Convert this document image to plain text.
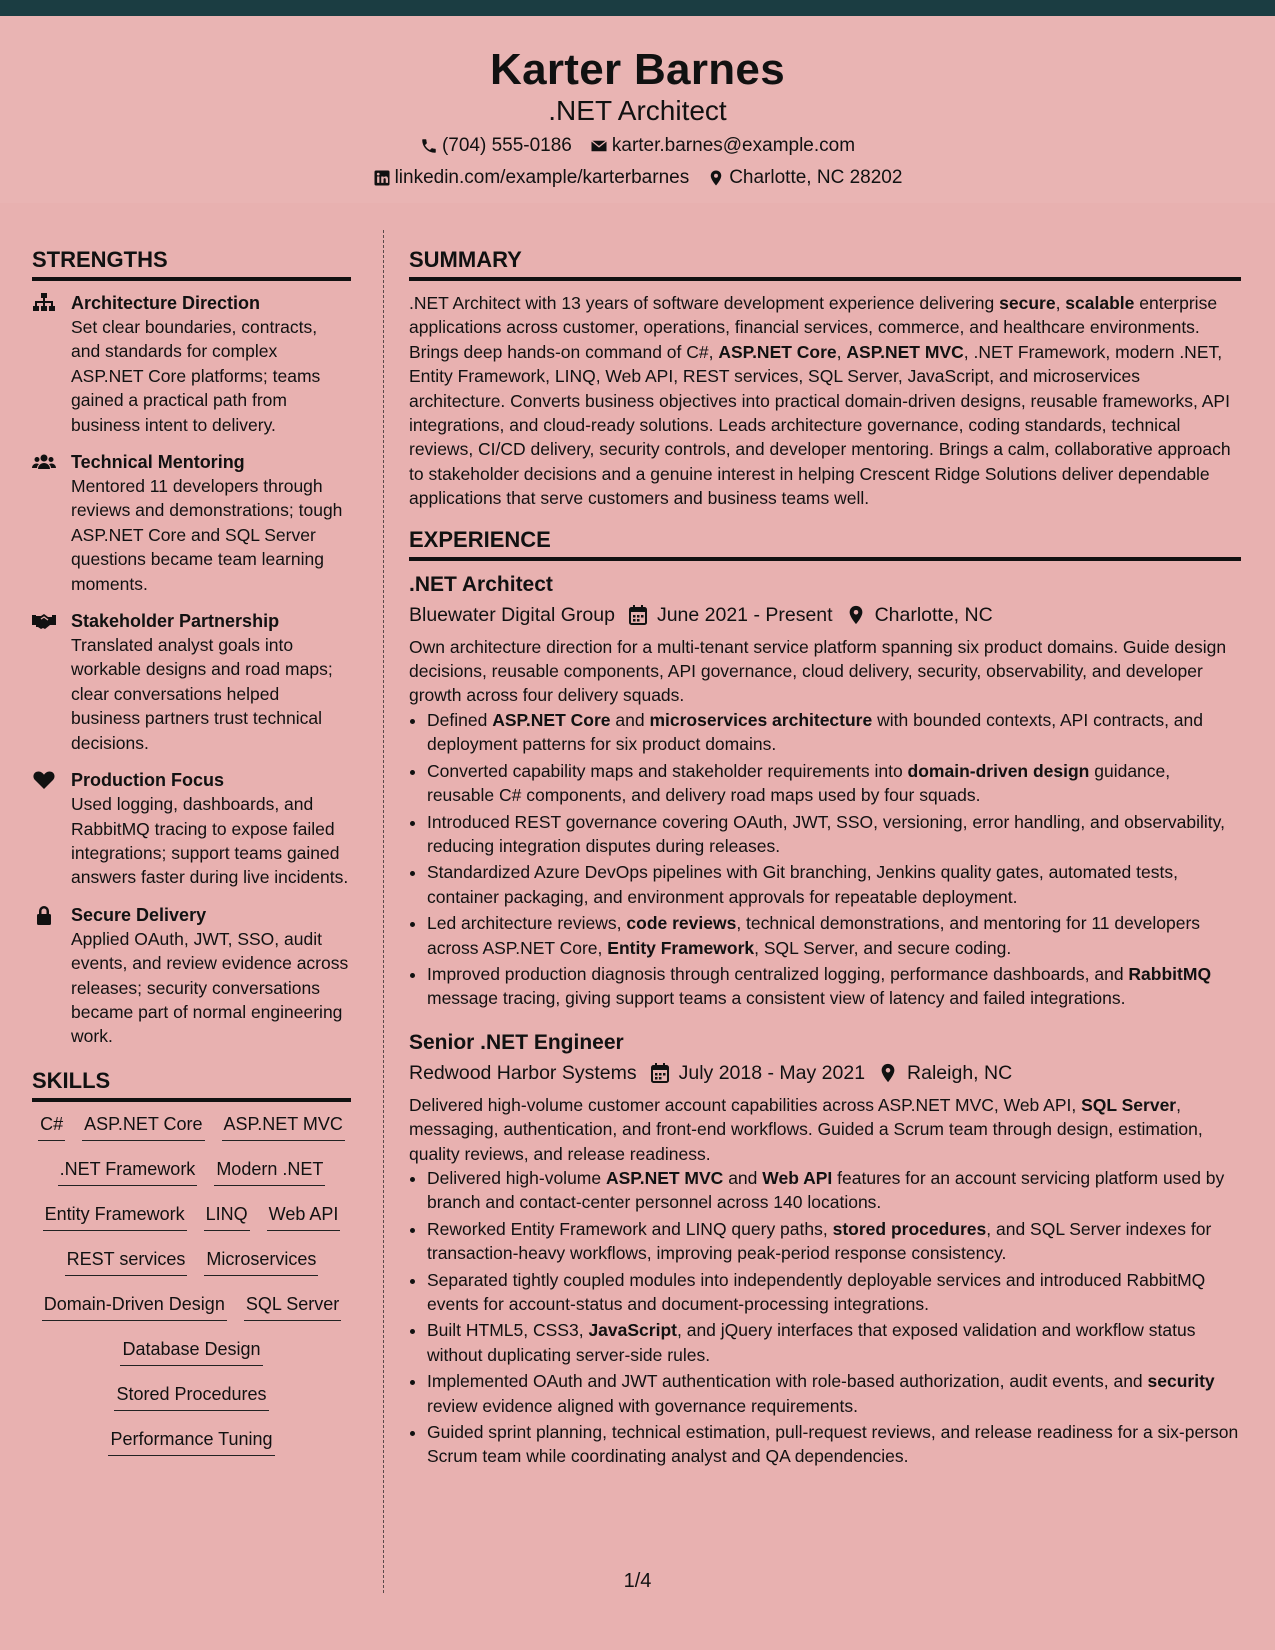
Karter Barnes
.NET Architect
(704) 555-0186 karter.barnes@example.com
linkedin.com/example/karterbarnes Charlotte, NC 28202
STRENGTHS
Architecture Direction
Set clear boundaries, contracts, and standards for complex ASP.NET Core platforms; teams gained a practical path from business intent to delivery.
Technical Mentoring
Mentored 11 developers through reviews and demonstrations; tough ASP.NET Core and SQL Server questions became team learning moments.
Stakeholder Partnership
Translated analyst goals into workable designs and road maps; clear conversations helped business partners trust technical decisions.
Production Focus
Used logging, dashboards, and RabbitMQ tracing to expose failed integrations; support teams gained answers faster during live incidents.
Secure Delivery
Applied OAuth, JWT, SSO, audit events, and review evidence across releases; security conversations became part of normal engineering work.
SKILLS
C# ASP.NET Core ASP.NET MVC
.NET Framework Modern .NET
Entity Framework LINQ Web API
REST services Microservices
Domain-Driven Design SQL Server
Database Design
Stored Procedures
Performance Tuning
SUMMARY
.NET Architect with 13 years of software development experience delivering secure, scalable enterprise applications across customer, operations, financial services, commerce, and healthcare environments. Brings deep hands-on command of C#, ASP.NET Core, ASP.NET MVC, .NET Framework, modern .NET, Entity Framework, LINQ, Web API, REST services, SQL Server, JavaScript, and microservices architecture. Converts business objectives into practical domain-driven designs, reusable frameworks, API integrations, and cloud-ready solutions. Leads architecture governance, coding standards, technical reviews, CI/CD delivery, security controls, and developer mentoring. Brings a calm, collaborative approach to stakeholder decisions and a genuine interest in helping Crescent Ridge Solutions deliver dependable applications that serve customers and business teams well.
EXPERIENCE
.NET Architect
Bluewater Digital Group June 2021 - Present Charlotte, NC
Own architecture direction for a multi-tenant service platform spanning six product domains. Guide design decisions, reusable components, API governance, cloud delivery, security, observability, and developer growth across four delivery squads.
• Defined ASP.NET Core and microservices architecture with bounded contexts, API contracts, and deployment patterns for six product domains.
• Converted capability maps and stakeholder requirements into domain-driven design guidance, reusable C# components, and delivery road maps used by four squads.
• Introduced REST governance covering OAuth, JWT, SSO, versioning, error handling, and observability, reducing integration disputes during releases.
• Standardized Azure DevOps pipelines with Git branching, Jenkins quality gates, automated tests, container packaging, and environment approvals for repeatable deployment.
• Led architecture reviews, code reviews, technical demonstrations, and mentoring for 11 developers across ASP.NET Core, Entity Framework, SQL Server, and secure coding.
• Improved production diagnosis through centralized logging, performance dashboards, and RabbitMQ message tracing, giving support teams a consistent view of latency and failed integrations.
Senior .NET Engineer
Redwood Harbor Systems July 2018 - May 2021 Raleigh, NC
Delivered high-volume customer account capabilities across ASP.NET MVC, Web API, SQL Server, messaging, authentication, and front-end workflows. Guided a Scrum team through design, estimation, quality reviews, and release readiness.
• Delivered high-volume ASP.NET MVC and Web API features for an account servicing platform used by branch and contact-center personnel across 140 locations.
• Reworked Entity Framework and LINQ query paths, stored procedures, and SQL Server indexes for transaction-heavy workflows, improving peak-period response consistency.
• Separated tightly coupled modules into independently deployable services and introduced RabbitMQ events for account-status and document-processing integrations.
• Built HTML5, CSS3, JavaScript, and jQuery interfaces that exposed validation and workflow status without duplicating server-side rules.
• Implemented OAuth and JWT authentication with role-based authorization, audit events, and security review evidence aligned with governance requirements.
• Guided sprint planning, technical estimation, pull-request reviews, and release readiness for a six-person Scrum team while coordinating analyst and QA dependencies.
1/4
